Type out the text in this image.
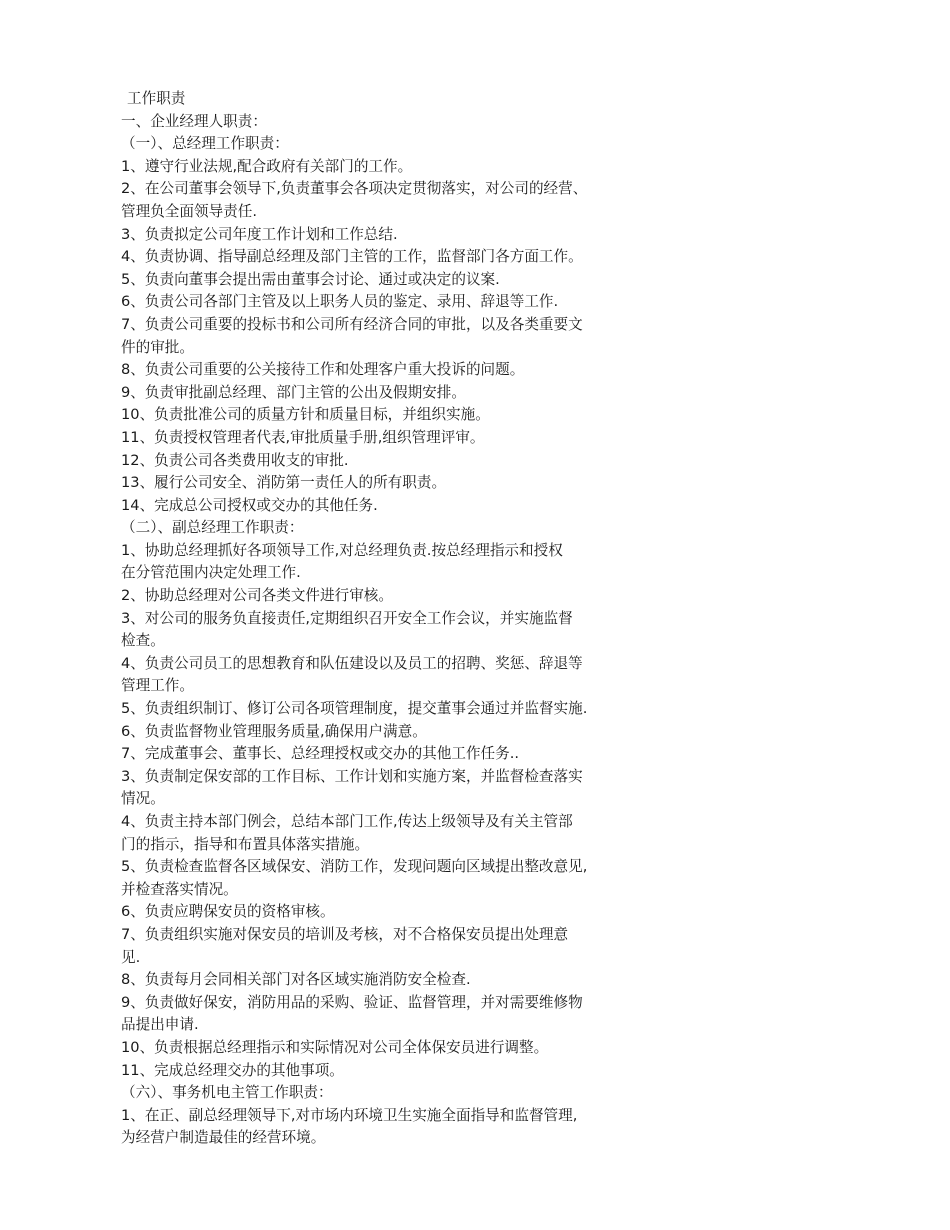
工作职责
一、企业经理人职责：
（一）、总经理工作职责：
1、遵守行业法规,配合政府有关部门的工作。
2、在公司董事会领导下,负责董事会各项决定贯彻落实，对公司的经营、
管理负全面领导责任.
3、负责拟定公司年度工作计划和工作总结.
4、负责协调、指导副总经理及部门主管的工作，监督部门各方面工作。
5、负责向董事会提出需由董事会讨论、通过或决定的议案.
6、负责公司各部门主管及以上职务人员的鉴定、录用、辞退等工作.
7、负责公司重要的投标书和公司所有经济合同的审批，以及各类重要文
件的审批。
8、负责公司重要的公关接待工作和处理客户重大投诉的问题。
9、负责审批副总经理、部门主管的公出及假期安排。
10、负责批准公司的质量方针和质量目标，并组织实施。
11、负责授权管理者代表,审批质量手册,组织管理评审。
12、负责公司各类费用收支的审批.
13、履行公司安全、消防第一责任人的所有职责。
14、完成总公司授权或交办的其他任务.
（二）、副总经理工作职责：
1、协助总经理抓好各项领导工作,对总经理负责.按总经理指示和授权
在分管范围内决定处理工作.
2、协助总经理对公司各类文件进行审核。
3、对公司的服务负直接责任,定期组织召开安全工作会议，并实施监督
检查。
4、负责公司员工的思想教育和队伍建设以及员工的招聘、奖惩、辞退等
管理工作。
5、负责组织制订、修订公司各项管理制度，提交董事会通过并监督实施.
6、负责监督物业管理服务质量,确保用户满意。
7、完成董事会、董事长、总经理授权或交办的其他工作任务..
3、负责制定保安部的工作目标、工作计划和实施方案，并监督检查落实
情况。
4、负责主持本部门例会，总结本部门工作,传达上级领导及有关主管部
门的指示，指导和布置具体落实措施。
5、负责检查监督各区域保安、消防工作，发现问题向区域提出整改意见,
并检查落实情况。
6、负责应聘保安员的资格审核。
7、负责组织实施对保安员的培训及考核，对不合格保安员提出处理意
见.
8、负责每月会同相关部门对各区域实施消防安全检查.
9、负责做好保安，消防用品的采购、验证、监督管理，并对需要维修物
品提出申请.
10、负责根据总经理指示和实际情况对公司全体保安员进行调整。
11、完成总经理交办的其他事项。
（六）、事务机电主管工作职责：
1、在正、副总经理领导下,对市场内环境卫生实施全面指导和监督管理,
为经营户制造最佳的经营环境。
